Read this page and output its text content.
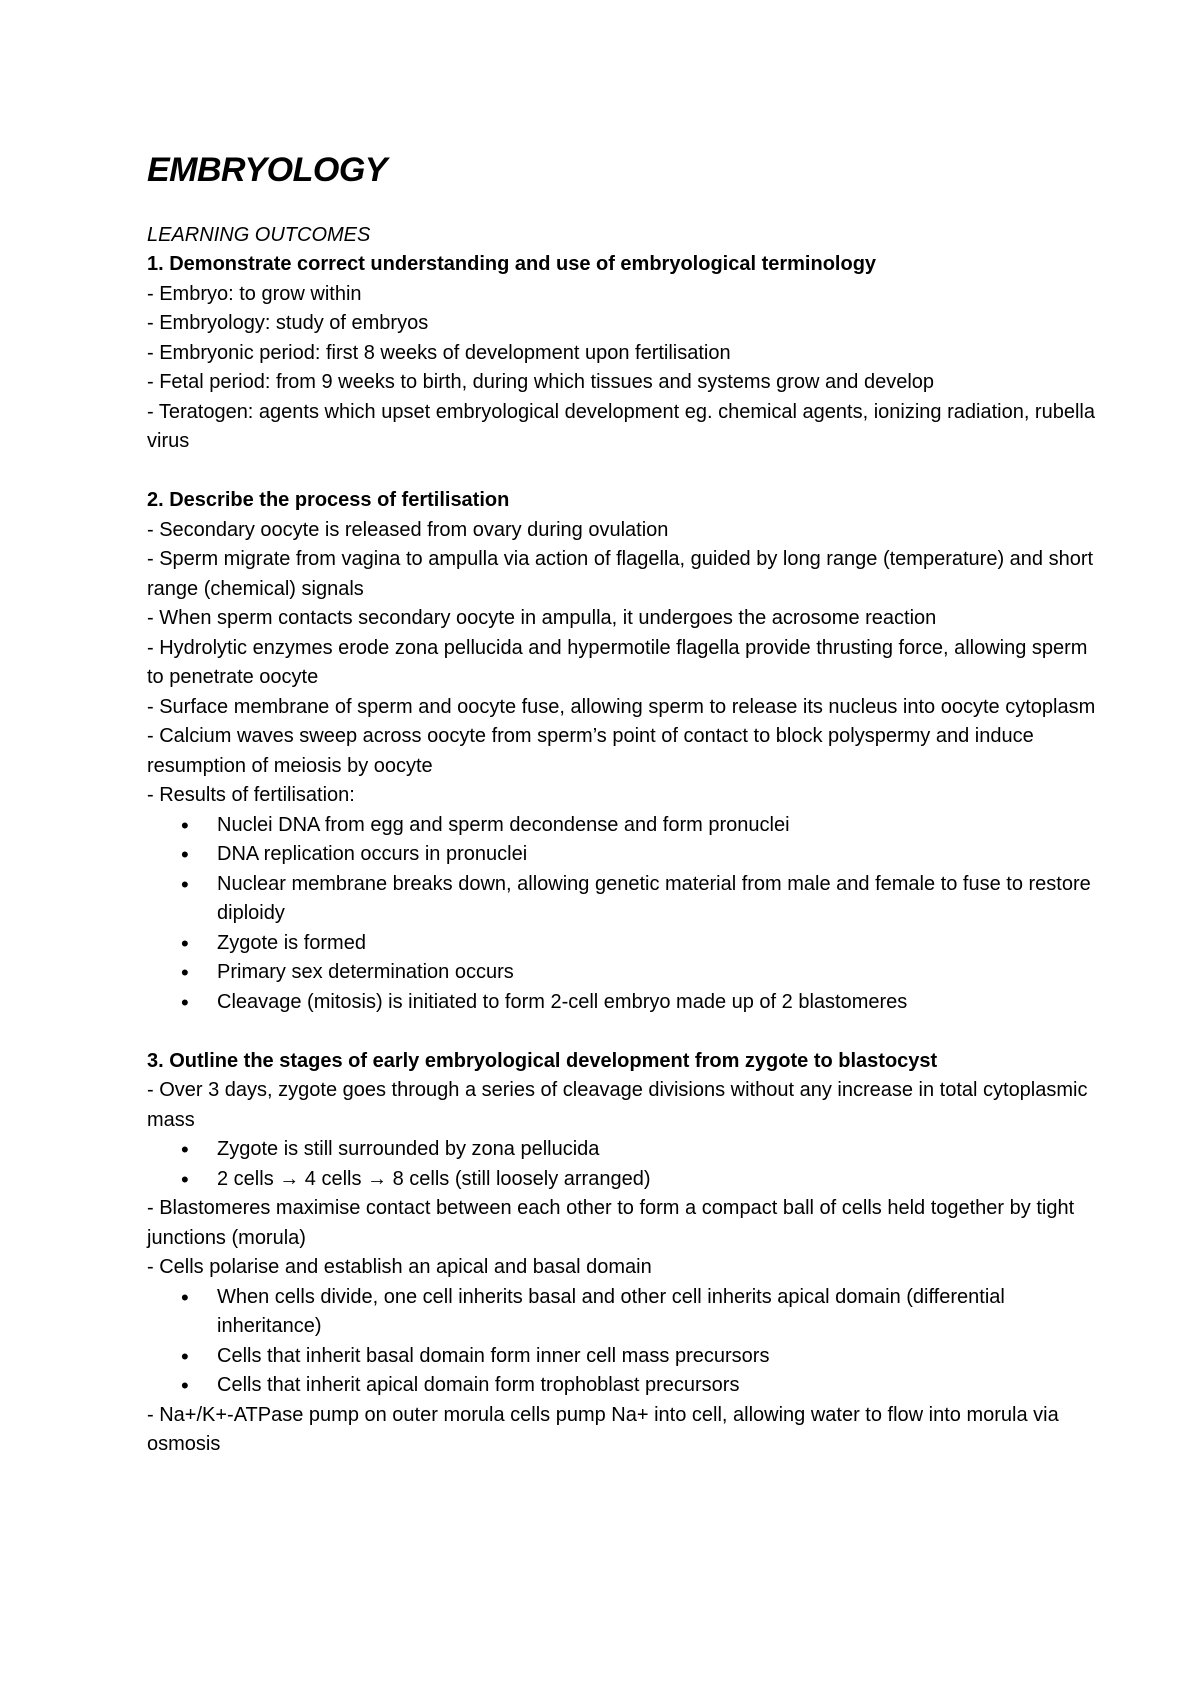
EMBRYOLOGY

LEARNING OUTCOMES

1. Demonstrate correct understanding and use of embryological terminology

- Embryo: to grow within

- Embryology: study of embryos

- Embryonic period: first 8 weeks of development upon fertilisation

- Fetal period: from 9 weeks to birth, during which tissues and systems grow and develop

- Teratogen: agents which upset embryological development eg. chemical agents, ionizing radiation, rubella virus

2. Describe the process of fertilisation

- Secondary oocyte is released from ovary during ovulation

- Sperm migrate from vagina to ampulla via action of flagella, guided by long range (temperature) and short range (chemical) signals

- When sperm contacts secondary oocyte in ampulla, it undergoes the acrosome reaction

- Hydrolytic enzymes erode zona pellucida and hypermotile flagella provide thrusting force, allowing sperm to penetrate oocyte

- Surface membrane of sperm and oocyte fuse, allowing sperm to release its nucleus into oocyte cytoplasm

- Calcium waves sweep across oocyte from sperm’s point of contact to block polyspermy and induce resumption of meiosis by oocyte

- Results of fertilisation:

• Nuclei DNA from egg and sperm decondense and form pronuclei
• DNA replication occurs in pronuclei
• Nuclear membrane breaks down, allowing genetic material from male and female to fuse to restore diploidy
• Zygote is formed
• Primary sex determination occurs
• Cleavage (mitosis) is initiated to form 2-cell embryo made up of 2 blastomeres

3. Outline the stages of early embryological development from zygote to blastocyst

- Over 3 days, zygote goes through a series of cleavage divisions without any increase in total cytoplasmic mass

• Zygote is still surrounded by zona pellucida
• 2 cells → 4 cells → 8 cells (still loosely arranged)

- Blastomeres maximise contact between each other to form a compact ball of cells held together by tight junctions (morula)

- Cells polarise and establish an apical and basal domain

• When cells divide, one cell inherits basal and other cell inherits apical domain (differential inheritance)
• Cells that inherit basal domain form inner cell mass precursors
• Cells that inherit apical domain form trophoblast precursors

- Na+/K+-ATPase pump on outer morula cells pump Na+ into cell, allowing water to flow into morula via osmosis
